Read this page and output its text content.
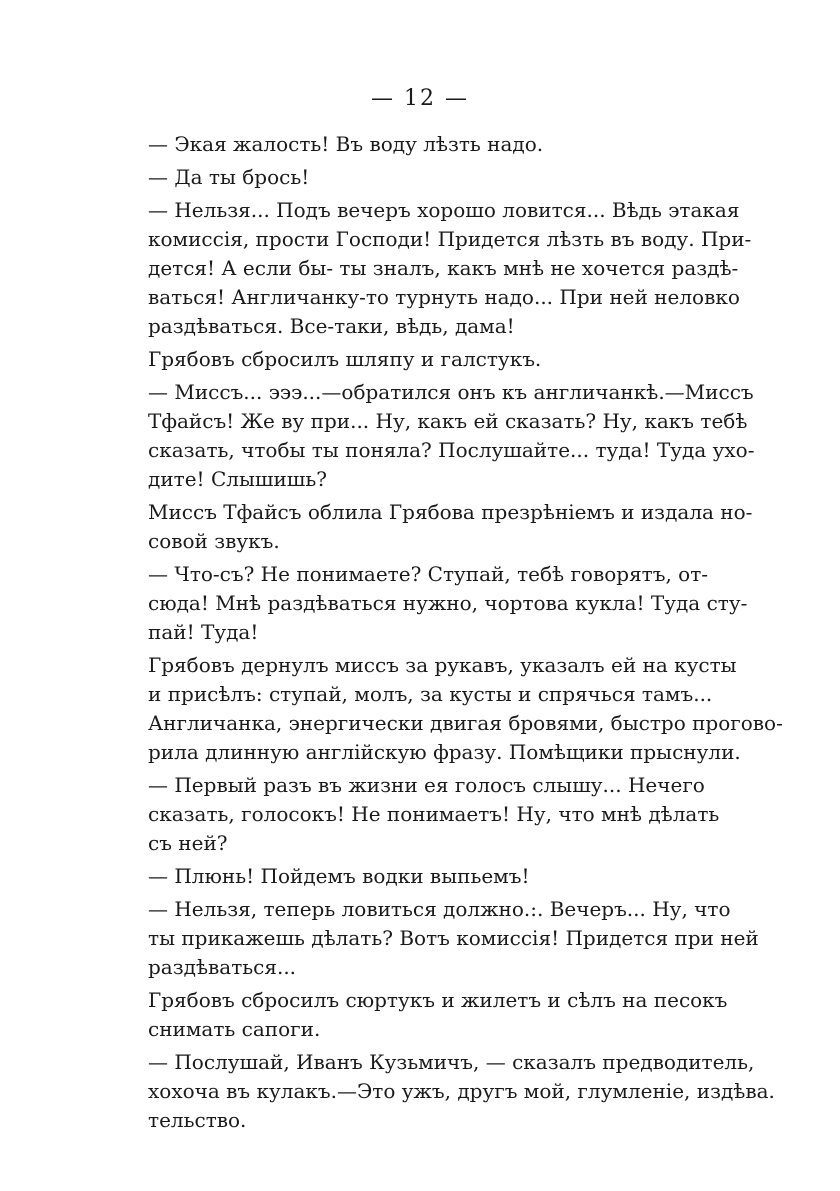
— 12 —
— Экая жалость! Въ воду лѣзть надо.
— Да ты брось!
— Нельзя... Подъ вечеръ хорошо ловится... Вѣдь этакая
комиссія, прости Господи! Придется лѣзть въ воду. При-
дется! А если бы- ты зналъ, какъ мнѣ не хочется раздѣ-
ваться! Англичанку-то турнуть надо... При ней неловко
раздѣваться. Все-таки, вѣдь, дама!
Грябовъ сбросилъ шляпу и галстукъ.
— Миссъ... эээ...—обратился онъ къ англичанкѣ.—Миссъ
Тфайсъ! Же ву при... Ну, какъ ей сказать? Ну, какъ тебѣ
сказать, чтобы ты поняла? Послушайте... туда! Туда ухо-
дите! Слышишь?
Миссъ Тфайсъ облила Грябова презрѣніемъ и издала но-
совой звукъ.
— Что-съ? Не понимаете? Ступай, тебѣ говорятъ, от-
сюда! Мнѣ раздѣваться нужно, чортова кукла! Туда сту-
пай! Туда!
Грябовъ дернулъ миссъ за рукавъ, указалъ ей на кусты
и присѣлъ: ступай, молъ, за кусты и спрячься тамъ...
Англичанка, энергически двигая бровями, быстро прогово-
рила длинную англійскую фразу. Помѣщики прыснули.
— Первый разъ въ жизни ея голосъ слышу... Нечего
сказать, голосокъ! Не понимаетъ! Ну, что мнѣ дѣлать
съ ней?
— Плюнь! Пойдемъ водки выпьемъ!
— Нельзя, теперь ловиться должно.:. Вечеръ... Ну, что
ты прикажешь дѣлать? Вотъ комиссія! Придется при ней
раздѣваться...
Грябовъ сбросилъ сюртукъ и жилетъ и сѣлъ на песокъ
снимать сапоги.
— Послушай, Иванъ Кузьмичъ, — сказалъ предводитель,
хохоча въ кулакъ.—Это ужъ, другъ мой, глумленіе, издѣва.
тельство.
